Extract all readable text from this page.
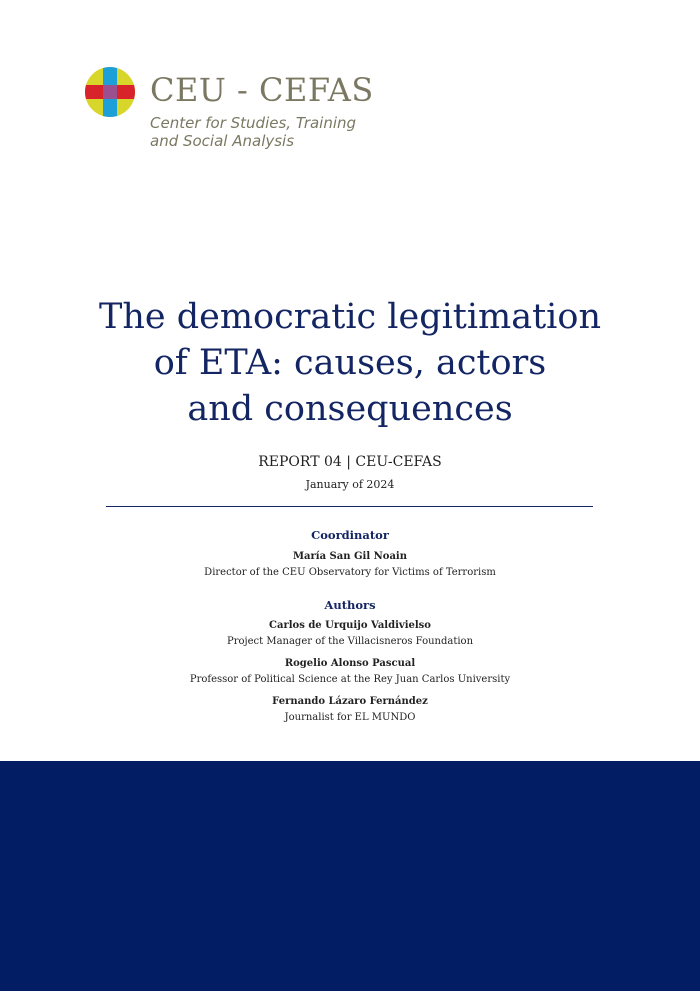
CEU - CEFAS
Center for Studies, Training
and Social Analysis
The democratic legitimation
of ETA: causes, actors
and consequences
REPORT 04 | CEU-CEFAS
January of 2024
Coordinator
María San Gil Noain
Director of the CEU Observatory for Victims of Terrorism
Authors
Carlos de Urquijo Valdivielso
Project Manager of the Villacisneros Foundation
Rogelio Alonso Pascual
Professor of Political Science at the Rey Juan Carlos University
Fernando Lázaro Fernández
Journalist for EL MUNDO
